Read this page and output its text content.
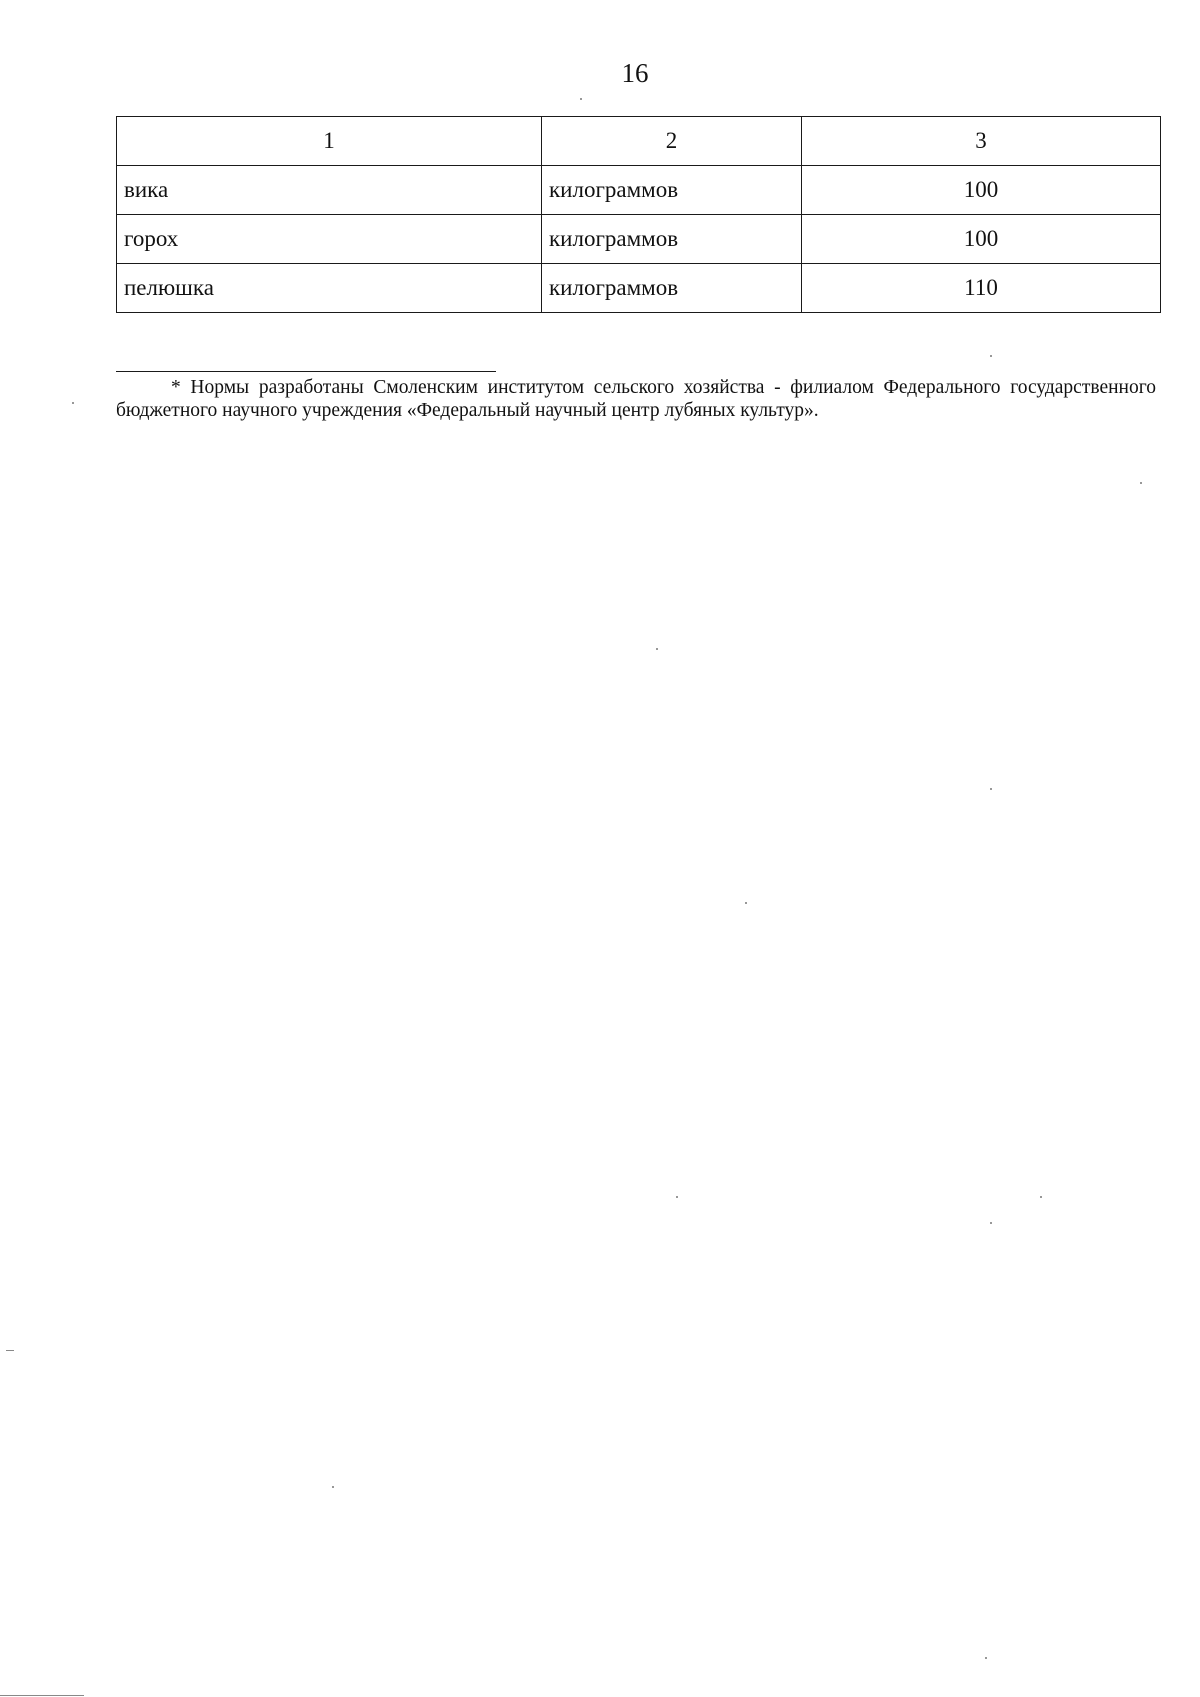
16
1	2	3
вика	килограммов	100
горох	килограммов	100
пелюшка	килограммов	110
* Нормы разработаны Смоленским институтом сельского хозяйства - филиалом Федерального государственного бюджетного научного учреждения «Федеральный научный центр лубяных культур».
